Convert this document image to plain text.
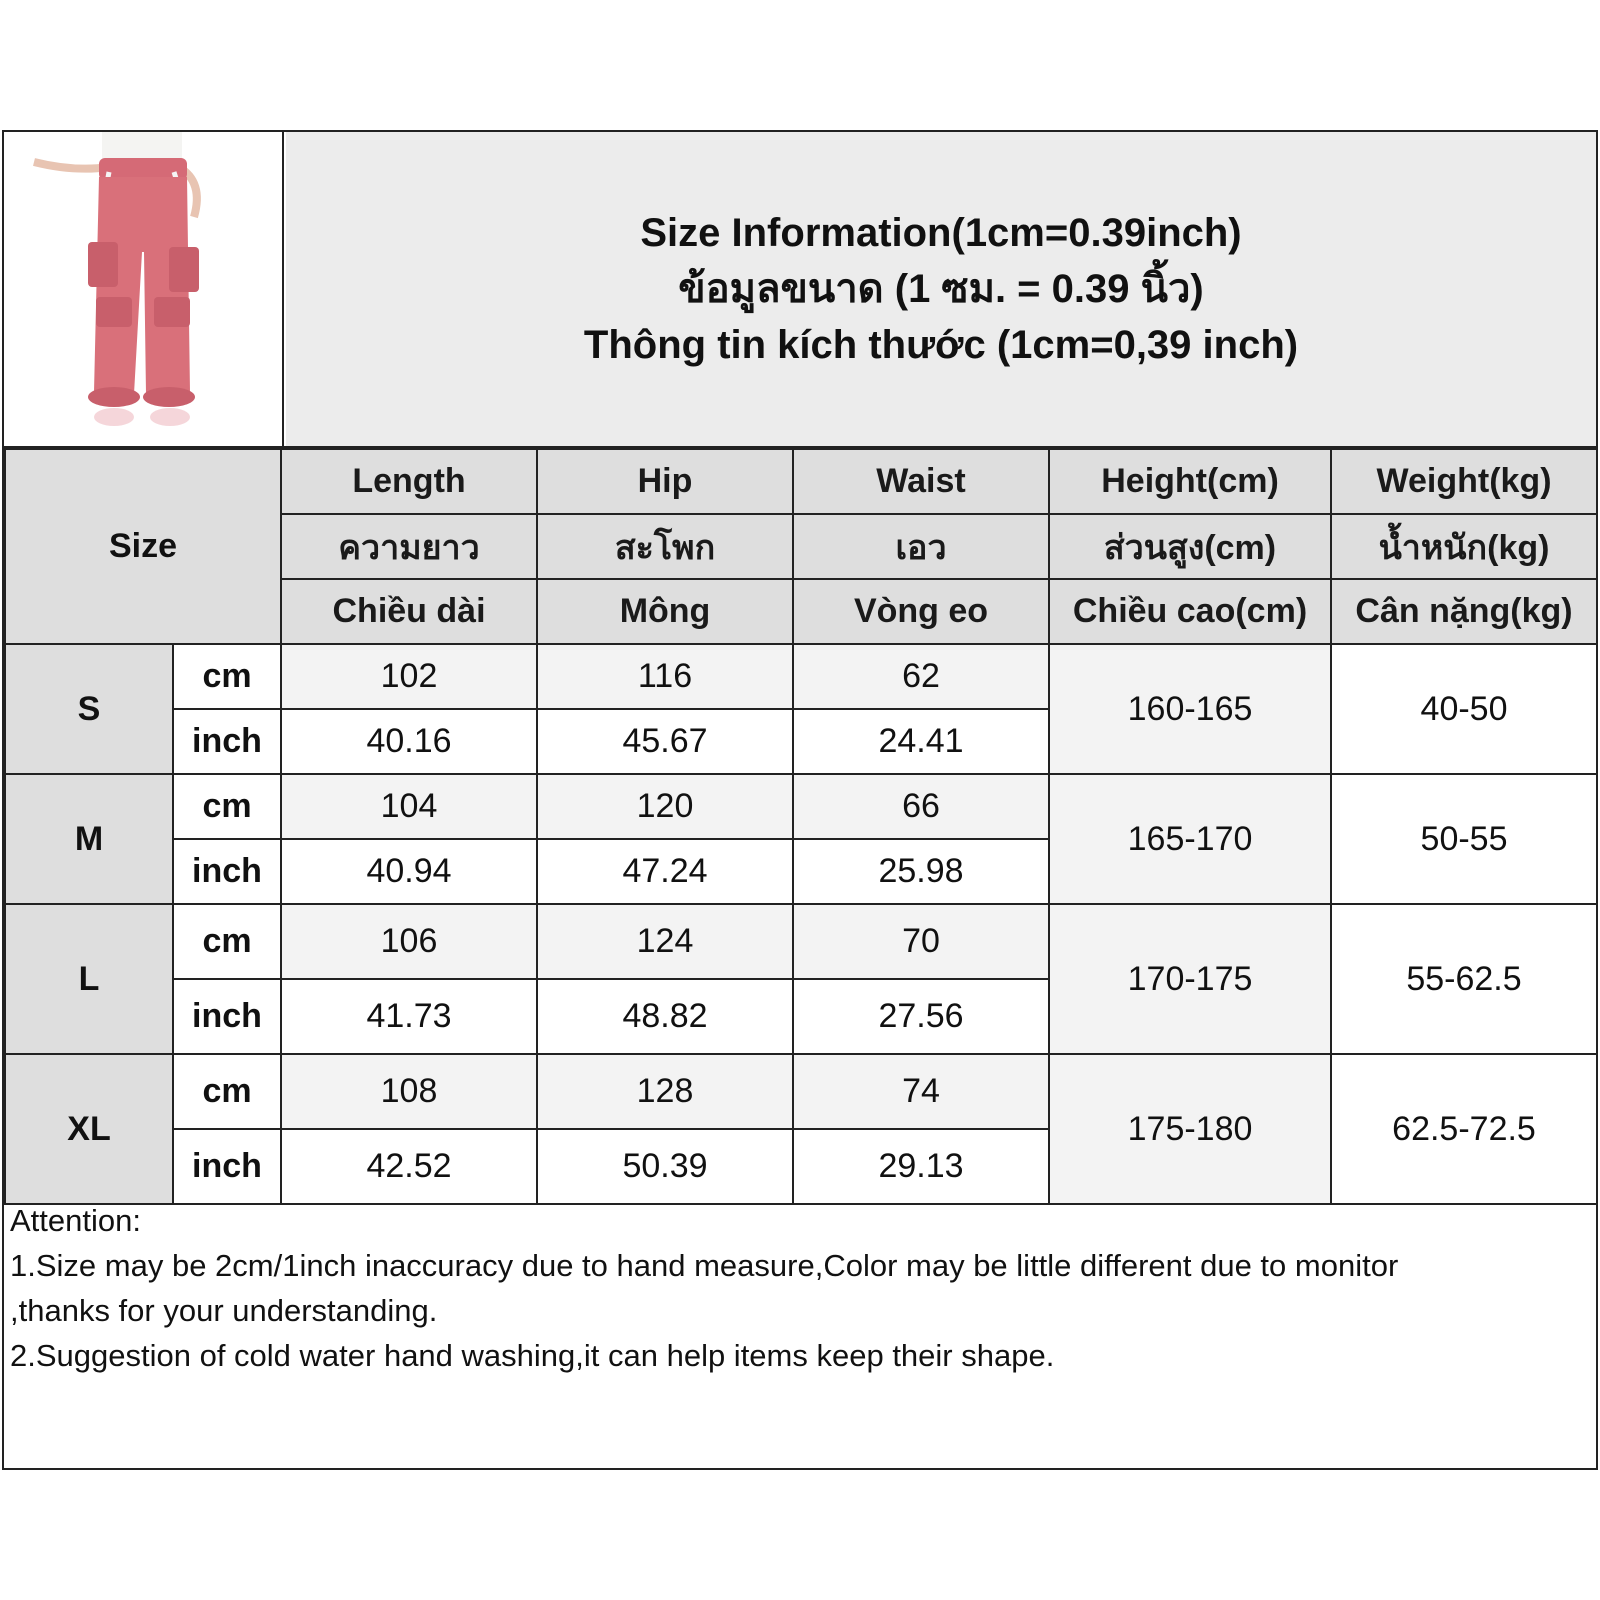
Size Information(1cm=0.39inch)
ข้อมูลขนาด (1 ซม. = 0.39 นิ้ว)
Thông tin kích thước (1cm=0,39 inch)
Size		Length	Hip	Waist	Height(cm)	Weight(kg)
		ความยาว	สะโพก	เอว	ส่วนสูง(cm)	น้ำหนัก(kg)
		Chiều dài	Mông	Vòng eo	Chiều cao(cm)	Cân nặng(kg)
S	cm	102	116	62	160-165	40-50
	inch	40.16	45.67	24.41		
M	cm	104	120	66	165-170	50-55
	inch	40.94	47.24	25.98		
L	cm	106	124	70	170-175	55-62.5
	inch	41.73	48.82	27.56		
XL	cm	108	128	74	175-180	62.5-72.5
	inch	42.52	50.39	29.13		
Attention:
1.Size may be 2cm/1inch inaccuracy due to hand measure,Color may be little different due to monitor
,thanks for your understanding.
2.Suggestion of cold water hand washing,it can help items keep their shape.
